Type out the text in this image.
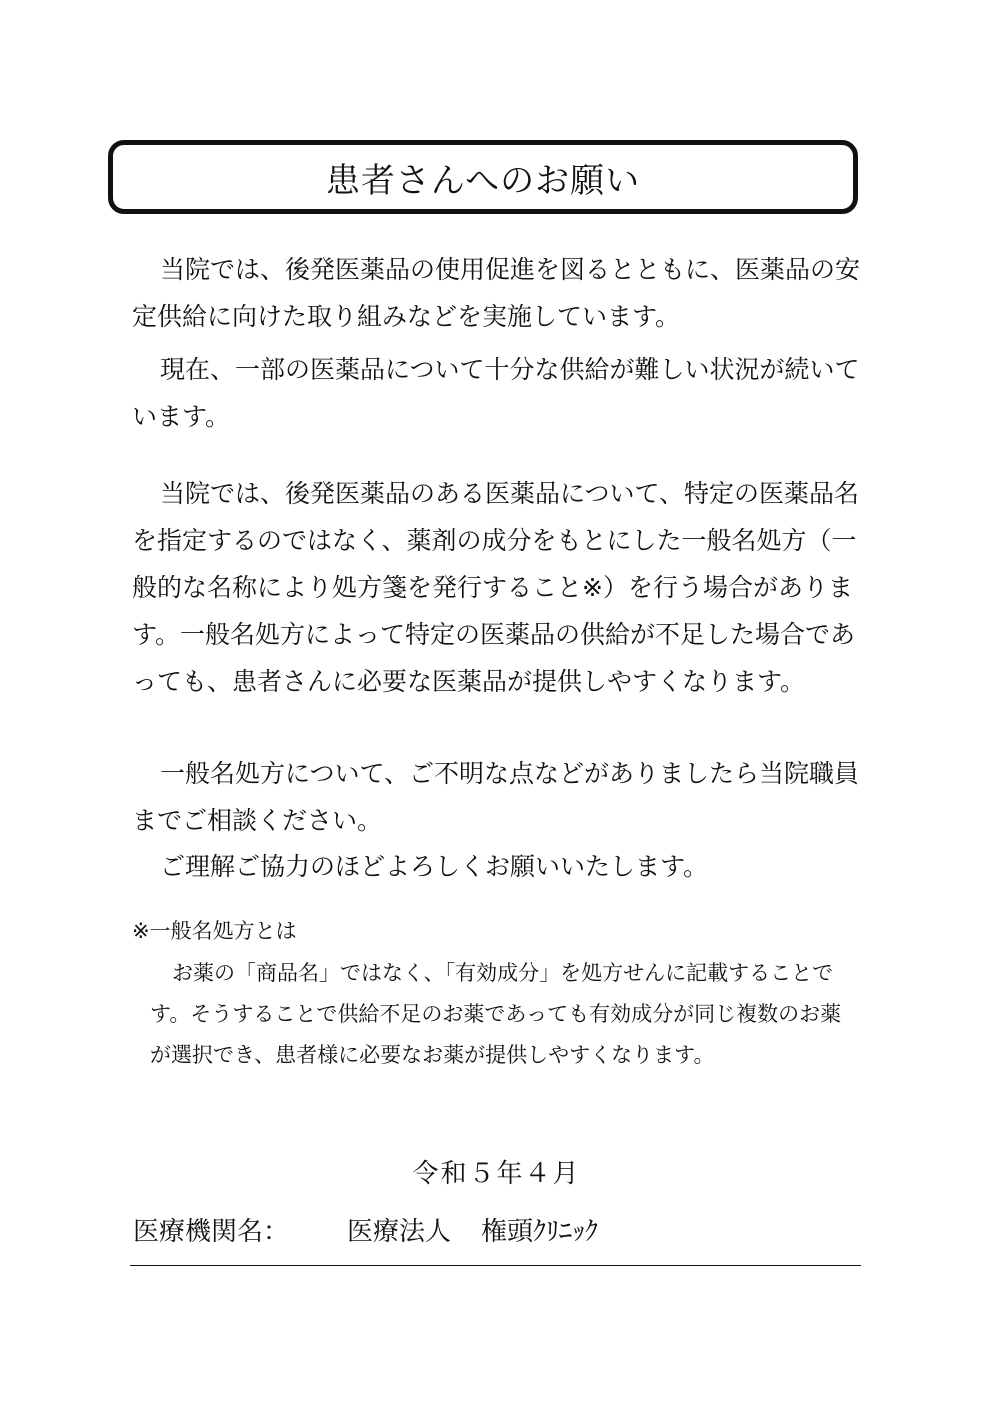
患者さんへのお願い

当院では、後発医薬品の使用促進を図るとともに、医薬品の安定供給に向けた取り組みなどを実施しています。

現在、一部の医薬品について十分な供給が難しい状況が続いています。

当院では、後発医薬品のある医薬品について、特定の医薬品名を指定するのではなく、薬剤の成分をもとにした一般名処方（一般的な名称により処方箋を発行すること※）を行う場合があります。一般名処方によって特定の医薬品の供給が不足した場合であっても、患者さんに必要な医薬品が提供しやすくなります。

一般名処方について、ご不明な点などがありましたら当院職員までご相談ください。

ご理解ご協力のほどよろしくお願いいたします。

※一般名処方とは

お薬の「商品名」ではなく、「有効成分」を処方せんに記載することです。そうすることで供給不足のお薬であっても有効成分が同じ複数のお薬が選択でき、患者様に必要なお薬が提供しやすくなります。

令和５年４月
医療機関名： 医療法人 権頭ｸﾘﾆｯｸ
